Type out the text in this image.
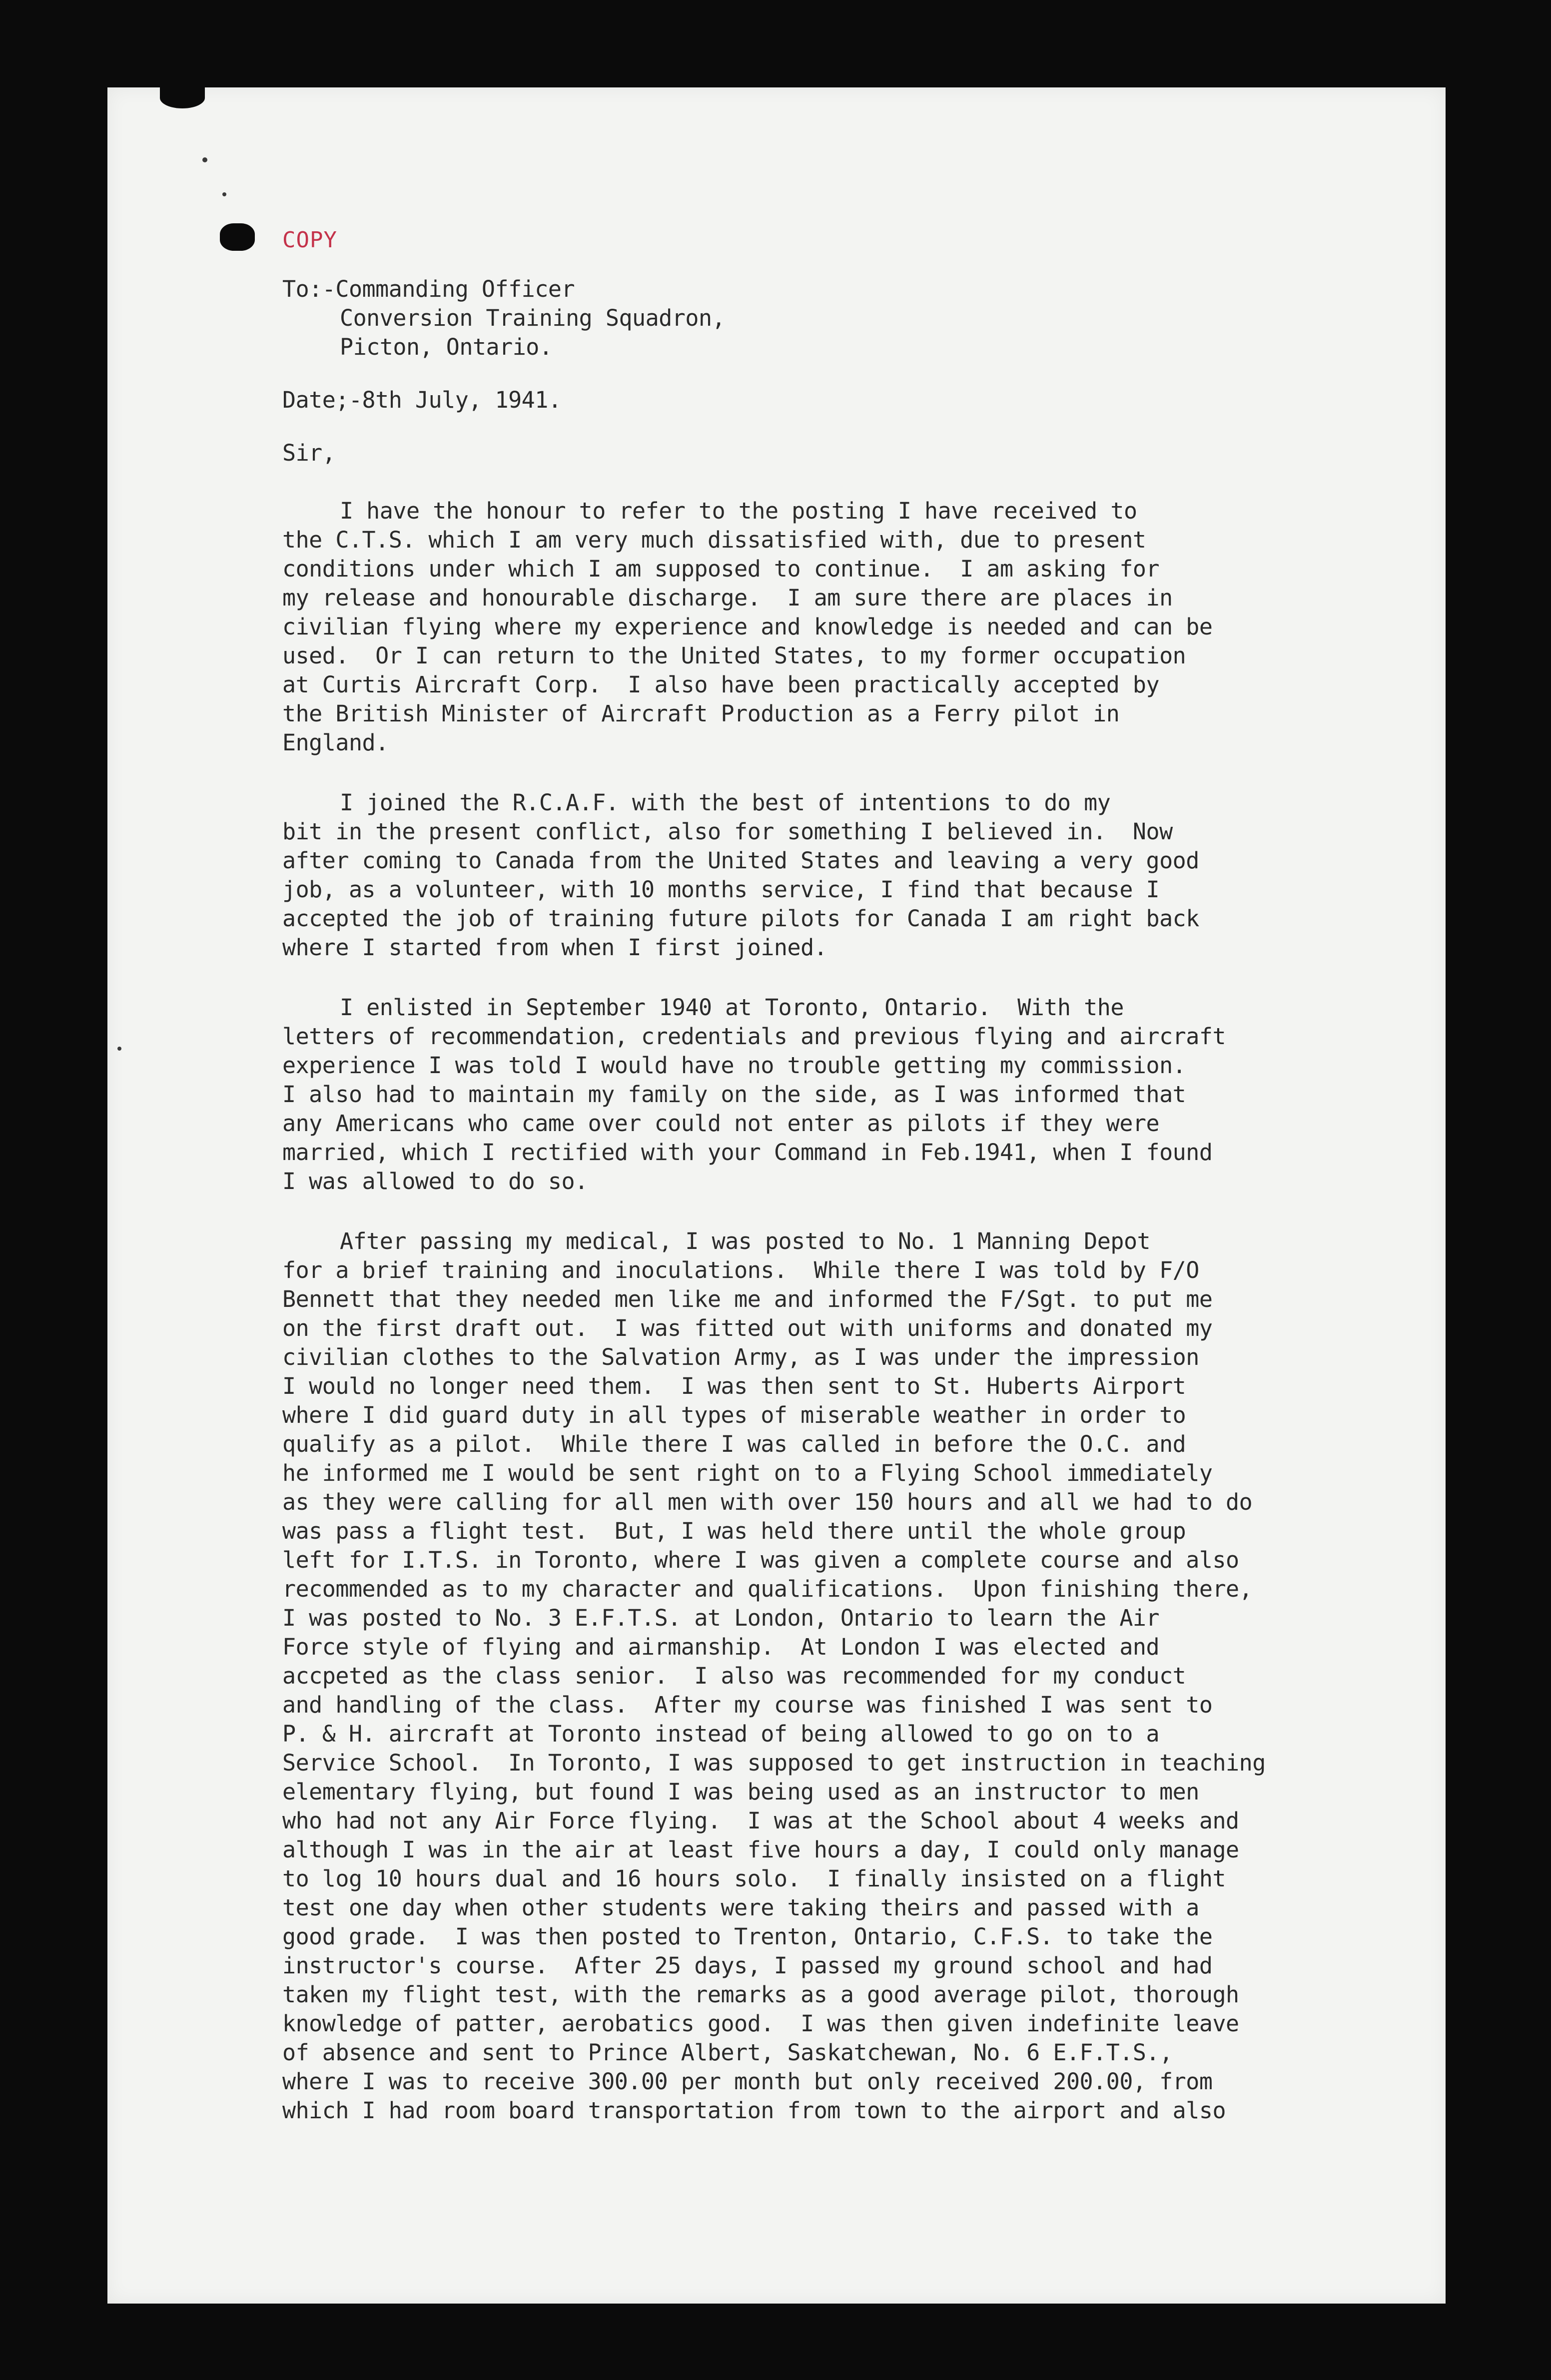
COPY
To:-Commanding Officer
Conversion Training Squadron,
Picton, Ontario.
Date;-8th July, 1941.
Sir,
I have the honour to refer to the posting I have received to
the C.T.S. which I am very much dissatisfied with, due to present
conditions under which I am supposed to continue.  I am asking for
my release and honourable discharge.  I am sure there are places in
civilian flying where my experience and knowledge is needed and can be
used.  Or I can return to the United States, to my former occupation
at Curtis Aircraft Corp.  I also have been practically accepted by
the British Minister of Aircraft Production as a Ferry pilot in
England.
I joined the R.C.A.F. with the best of intentions to do my
bit in the present conflict, also for something I believed in.  Now
after coming to Canada from the United States and leaving a very good
job, as a volunteer, with 10 months service, I find that because I
accepted the job of training future pilots for Canada I am right back
where I started from when I first joined.
I enlisted in September 1940 at Toronto, Ontario.  With the
letters of recommendation, credentials and previous flying and aircraft
experience I was told I would have no trouble getting my commission.
I also had to maintain my family on the side, as I was informed that
any Americans who came over could not enter as pilots if they were
married, which I rectified with your Command in Feb.1941, when I found
I was allowed to do so.
After passing my medical, I was posted to No. 1 Manning Depot
for a brief training and inoculations.  While there I was told by F/O
Bennett that they needed men like me and informed the F/Sgt. to put me
on the first draft out.  I was fitted out with uniforms and donated my
civilian clothes to the Salvation Army, as I was under the impression
I would no longer need them.  I was then sent to St. Huberts Airport
where I did guard duty in all types of miserable weather in order to
qualify as a pilot.  While there I was called in before the O.C. and
he informed me I would be sent right on to a Flying School immediately
as they were calling for all men with over 150 hours and all we had to do
was pass a flight test.  But, I was held there until the whole group
left for I.T.S. in Toronto, where I was given a complete course and also
recommended as to my character and qualifications.  Upon finishing there,
I was posted to No. 3 E.F.T.S. at London, Ontario to learn the Air
Force style of flying and airmanship.  At London I was elected and
accpeted as the class senior.  I also was recommended for my conduct
and handling of the class.  After my course was finished I was sent to
P. & H. aircraft at Toronto instead of being allowed to go on to a
Service School.  In Toronto, I was supposed to get instruction in teaching
elementary flying, but found I was being used as an instructor to men
who had not any Air Force flying.  I was at the School about 4 weeks and
although I was in the air at least five hours a day, I could only manage
to log 10 hours dual and 16 hours solo.  I finally insisted on a flight
test one day when other students were taking theirs and passed with a
good grade.  I was then posted to Trenton, Ontario, C.F.S. to take the
instructor's course.  After 25 days, I passed my ground school and had
taken my flight test, with the remarks as a good average pilot, thorough
knowledge of patter, aerobatics good.  I was then given indefinite leave
of absence and sent to Prince Albert, Saskatchewan, No. 6 E.F.T.S.,
where I was to receive 300.00 per month but only received 200.00, from
which I had room board transportation from town to the airport and also
